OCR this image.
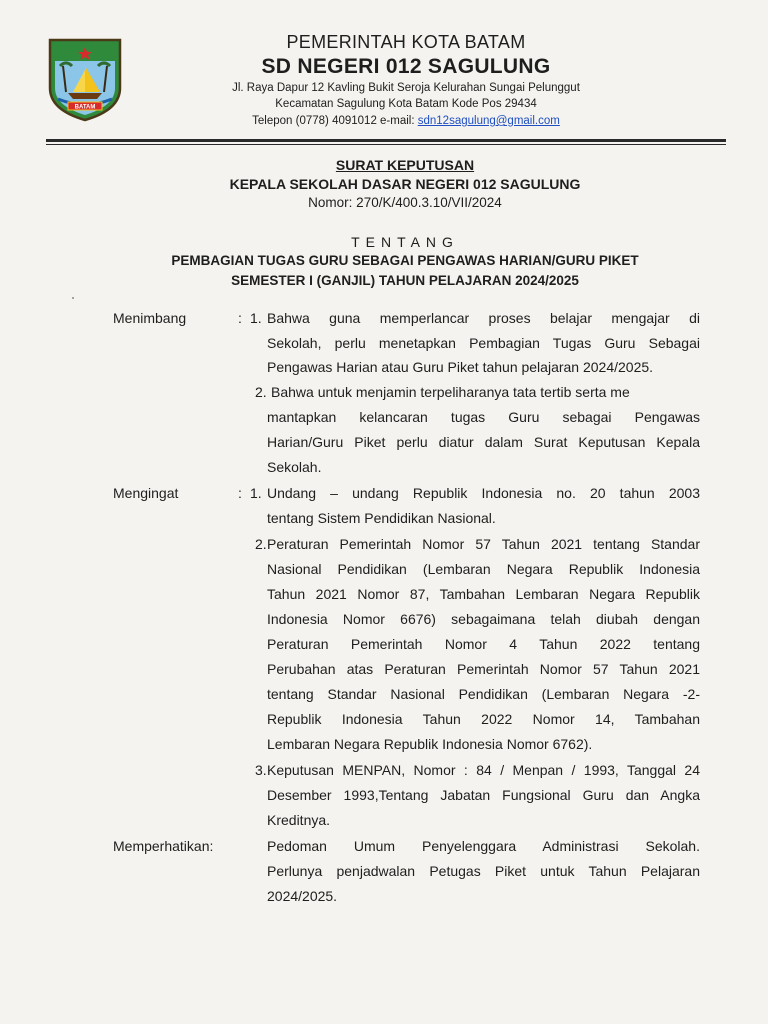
BATAM
PEMERINTAH KOTA BATAM
SD NEGERI 012 SAGULUNG
Jl. Raya Dapur 12 Kavling Bukit Seroja Kelurahan Sungai Pelunggut
Kecamatan Sagulung Kota Batam Kode Pos 29434
Telepon (0778) 4091012 e-mail: sdn12sagulung@gmail.com
SURAT KEPUTUSAN
KEPALA SEKOLAH DASAR NEGERI 012 SAGULUNG
Nomor: 270/K/400.3.10/VII/2024
TENTANG
PEMBAGIAN TUGAS GURU SEBAGAI PENGAWAS HARIAN/GURU PIKET
SEMESTER I (GANJIL) TAHUN PELAJARAN 2024/2025
Menimbang	: 1. Bahwa guna memperlancar proses belajar mengajar di
Sekolah, perlu menetapkan Pembagian Tugas Guru Sebagai
Pengawas Harian atau Guru Piket tahun pelajaran 2024/2025.
2. Bahwa untuk menjamin terpeliharanya tata tertib serta me
mantapkan kelancaran tugas Guru sebagai Pengawas
Harian/Guru Piket perlu diatur dalam Surat Keputusan Kepala
Sekolah.
Mengingat	: 1. Undang – undang Republik Indonesia no. 20 tahun 2003
tentang Sistem Pendidikan Nasional.
2. Peraturan Pemerintah Nomor 57 Tahun 2021 tentang Standar
Nasional Pendidikan (Lembaran Negara Republik Indonesia
Tahun 2021 Nomor 87, Tambahan Lembaran Negara Republik
Indonesia Nomor 6676) sebagaimana telah diubah dengan
Peraturan Pemerintah Nomor 4 Tahun 2022 tentang
Perubahan atas Peraturan Pemerintah Nomor 57 Tahun 2021
tentang Standar Nasional Pendidikan (Lembaran Negara -2-
Republik Indonesia Tahun 2022 Nomor 14, Tambahan
Lembaran Negara Republik Indonesia Nomor 6762).
3. Keputusan MENPAN, Nomor : 84 / Menpan / 1993, Tanggal 24
Desember 1993,Tentang Jabatan Fungsional Guru dan Angka
Kreditnya.
Memperhatikan:	Pedoman Umum Penyelenggara Administrasi Sekolah.
Perlunya penjadwalan Petugas Piket untuk Tahun Pelajaran
2024/2025.
